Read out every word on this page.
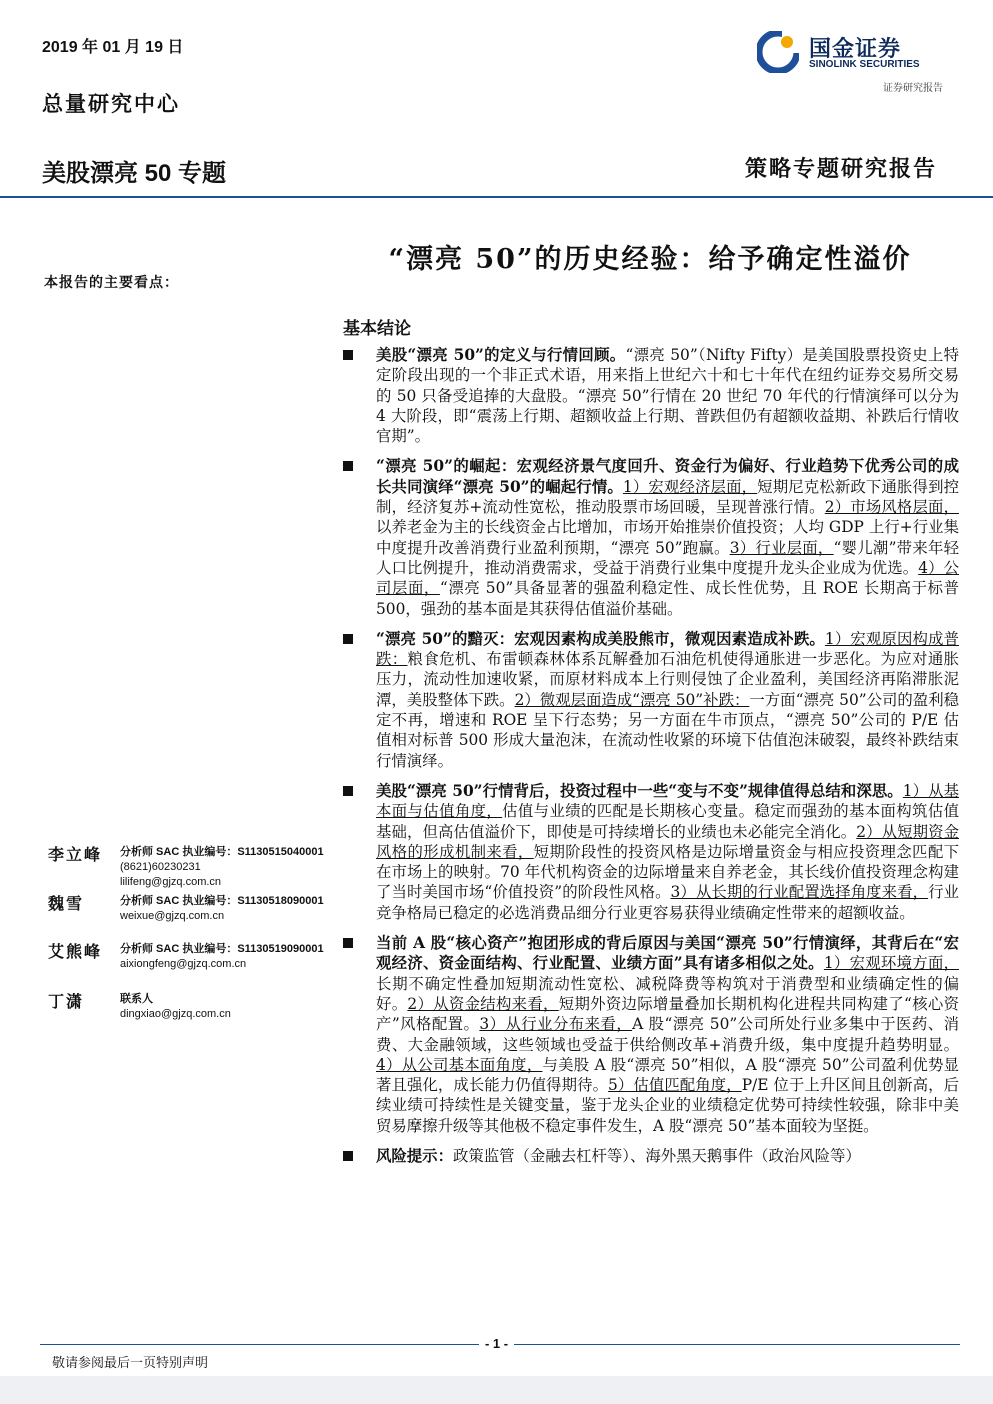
2019 年 01 月 19 日
总量研究中心
美股漂亮 50 专题	策略专题研究报告
国金证券
SINOLINK SECURITIES
证券研究报告
“漂亮 50”的历史经验：给予确定性溢价
本报告的主要看点：
基本结论
美股“漂亮 50”的定义与行情回顾。“漂亮 50”（Nifty Fifty）是美国股票投资史上特定阶段出现的一个非正式术语，用来指上世纪六十和七十年代在纽约证券交易所交易的 50 只备受追捧的大盘股。“漂亮 50”行情在 20 世纪 70 年代的行情演绎可以分为 4 大阶段，即“震荡上行期、超额收益上行期、普跌但仍有超额收益期、补跌后行情收官期”。
“漂亮 50”的崛起：宏观经济景气度回升、资金行为偏好、行业趋势下优秀公司的成长共同演绎“漂亮 50”的崛起行情。1）宏观经济层面，短期尼克松新政下通胀得到控制，经济复苏+流动性宽松，推动股票市场回暖，呈现普涨行情。2）市场风格层面，以养老金为主的长线资金占比增加，市场开始推崇价值投资；人均 GDP 上行+行业集中度提升改善消费行业盈利预期，“漂亮 50”跑赢。3）行业层面，“婴儿潮”带来年轻人口比例提升，推动消费需求，受益于消费行业集中度提升龙头企业成为优选。4）公司层面，“漂亮 50”具备显著的强盈利稳定性、成长性优势，且 ROE 长期高于标普 500，强劲的基本面是其获得估值溢价基础。
“漂亮 50”的黯灭：宏观因素构成美股熊市，微观因素造成补跌。1）宏观原因构成普跌：粮食危机、布雷顿森林体系瓦解叠加石油危机使得通胀进一步恶化。为应对通胀压力，流动性加速收紧，而原材料成本上行则侵蚀了企业盈利，美国经济再陷滞胀泥潭，美股整体下跌。2）微观层面造成“漂亮 50”补跌：一方面“漂亮 50”公司的盈利稳定不再，增速和 ROE 呈下行态势；另一方面在牛市顶点，“漂亮 50”公司的 P/E 估值相对标普 500 形成大量泡沫，在流动性收紧的环境下估值泡沫破裂，最终补跌结束行情演绎。
美股“漂亮 50”行情背后，投资过程中一些“变与不变”规律值得总结和深思。1）从基本面与估值角度，估值与业绩的匹配是长期核心变量。稳定而强劲的基本面构筑估值基础，但高估值溢价下，即使是可持续增长的业绩也未必能完全消化。2）从短期资金风格的形成机制来看，短期阶段性的投资风格是边际增量资金与相应投资理念匹配下在市场上的映射。70 年代机构资金的边际增量来自养老金，其长线价值投资理念构建了当时美国市场“价值投资”的阶段性风格。3）从长期的行业配置选择角度来看，行业竞争格局已稳定的必选消费品细分行业更容易获得业绩确定性带来的超额收益。
当前 A 股“核心资产”抱团形成的背后原因与美国“漂亮 50”行情演绎，其背后在“宏观经济、资金面结构、行业配置、业绩方面”具有诸多相似之处。1）宏观环境方面，长期不确定性叠加短期流动性宽松、减税降费等构筑对于消费型和业绩确定性的偏好。2）从资金结构来看，短期外资边际增量叠加长期机构化进程共同构建了“核心资产”风格配置。3）从行业分布来看，A 股“漂亮 50”公司所处行业多集中于医药、消费、大金融领域，这些领域也受益于供给侧改革+消费升级，集中度提升趋势明显。4）从公司基本面角度，与美股 A 股“漂亮 50”相似，A 股“漂亮 50”公司盈利优势显著且强化，成长能力仍值得期待。5）估值匹配角度，P/E 位于上升区间且创新高，后续业绩可持续性是关键变量，鉴于龙头企业的业绩稳定优势可持续性较强，除非中美贸易摩擦升级等其他极不稳定事件发生，A 股“漂亮 50”基本面较为坚挺。
风险提示：政策监管（金融去杠杆等）、海外黑天鹅事件（政治风险等）
李立峰 分析师 SAC 执业编号：S1130515040001
(8621)60230231
lilifeng@gjzq.com.cn
魏雪	分析师 SAC 执业编号：S1130518090001
weixue@gjzq.com.cn
艾熊峰 分析师 SAC 执业编号：S1130519090001
aixiongfeng@gjzq.com.cn
丁潇	联系人
dingxiao@gjzq.com.cn
- 1 -
敬请参阅最后一页特别声明
